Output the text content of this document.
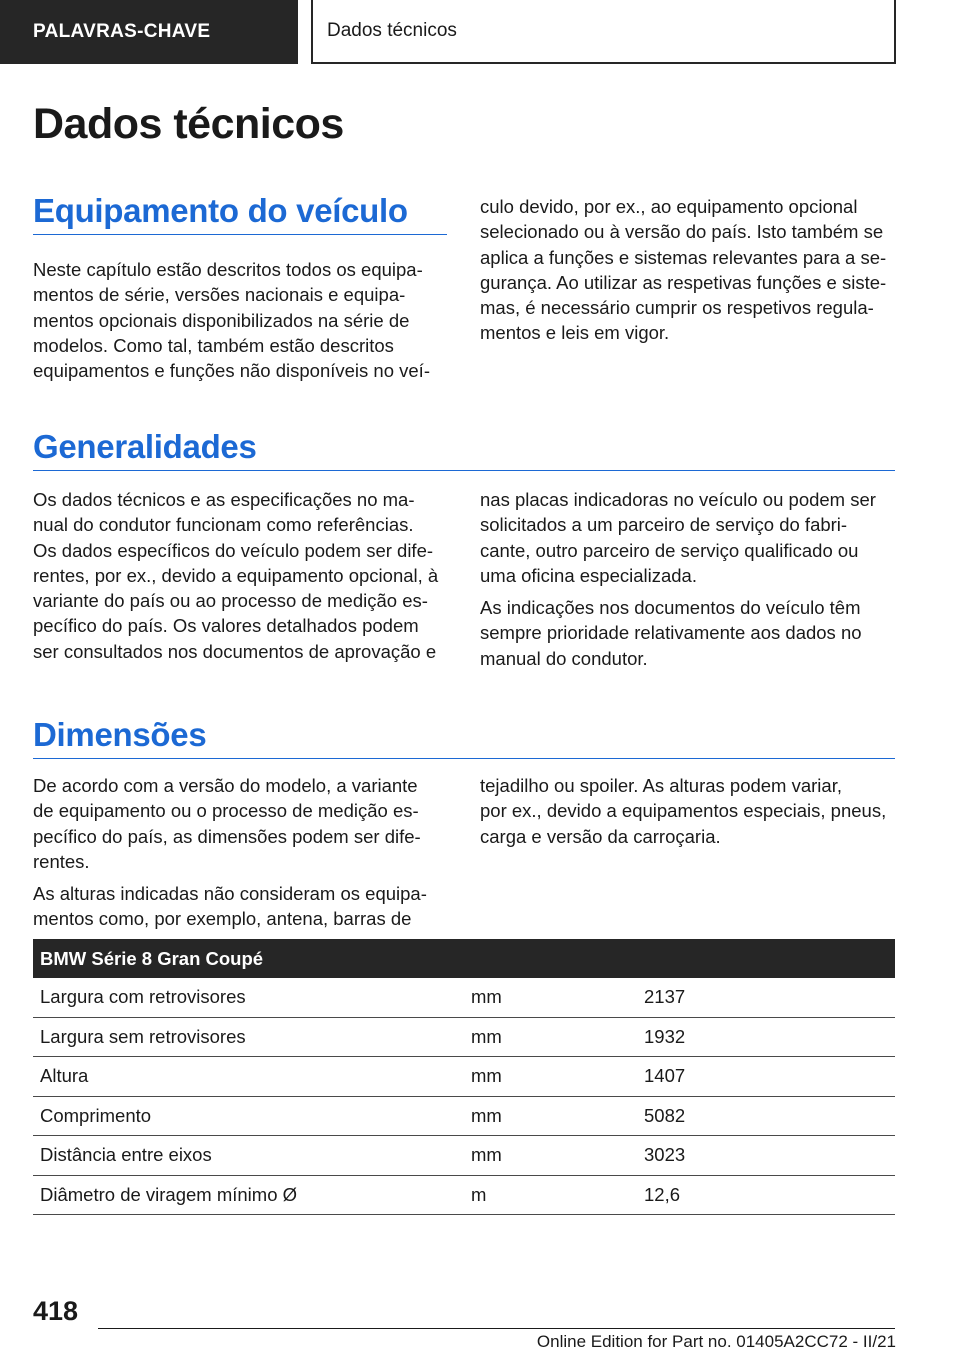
PALAVRAS-CHAVE	Dados técnicos
Dados técnicos
Equipamento do veículo

Neste capítulo estão descritos todos os equipa-
mentos de série, versões nacionais e equipa-
mentos opcionais disponibilizados na série de
modelos. Como tal, também estão descritos
equipamentos e funções não disponíveis no veí-

culo devido, por ex., ao equipamento opcional
selecionado ou à versão do país. Isto também se
aplica a funções e sistemas relevantes para a se-
gurança. Ao utilizar as respetivas funções e siste-
mas, é necessário cumprir os respetivos regula-
mentos e leis em vigor.

Generalidades

Os dados técnicos e as especificações no ma-
nual do condutor funcionam como referências.
Os dados específicos do veículo podem ser dife-
rentes, por ex., devido a equipamento opcional, à
variante do país ou ao processo de medição es-
pecífico do país. Os valores detalhados podem
ser consultados nos documentos de aprovação e

nas placas indicadoras no veículo ou podem ser
solicitados a um parceiro de serviço do fabri-
cante, outro parceiro de serviço qualificado ou
uma oficina especializada.

As indicações nos documentos do veículo têm
sempre prioridade relativamente aos dados no
manual do condutor.

Dimensões

De acordo com a versão do modelo, a variante
de equipamento ou o processo de medição es-
pecífico do país, as dimensões podem ser dife-
rentes.

As alturas indicadas não consideram os equipa-
mentos como, por exemplo, antena, barras de

tejadilho ou spoiler. As alturas podem variar,
por ex., devido a equipamentos especiais, pneus,
carga e versão da carroçaria.

BMW Série 8 Gran Coupé		
Largura com retrovisores	mm	2137
Largura sem retrovisores	mm	1932
Altura	mm	1407
Comprimento	mm	5082
Distância entre eixos	mm	3023
Diâmetro de viragem mínimo Ø	m	12,6
418
Online Edition for Part no. 01405A2CC72 - II/21
